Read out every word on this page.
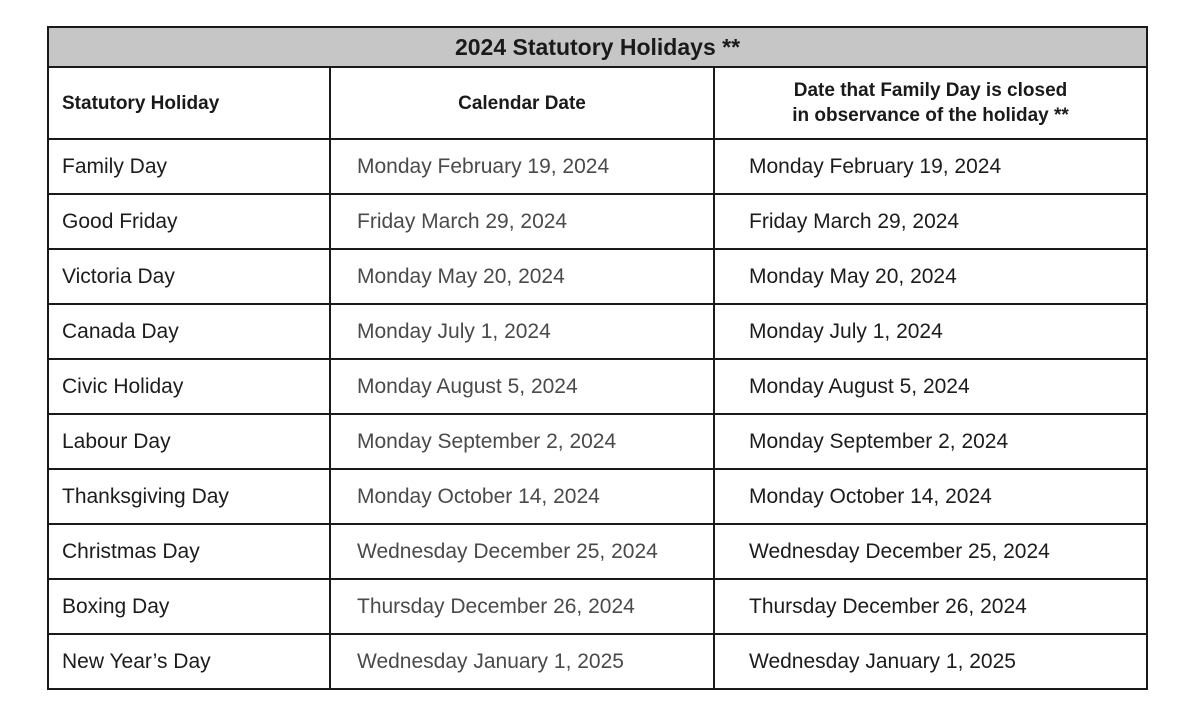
2024 Statutory Holidays **		
Statutory Holiday	Calendar Date	Date that Family Day is closed
in observance of the holiday **
Family Day	Monday February 19, 2024	Monday February 19, 2024
Good Friday	Friday March 29, 2024	Friday March 29, 2024
Victoria Day	Monday May 20, 2024	Monday May 20, 2024
Canada Day	Monday July 1, 2024	Monday July 1, 2024
Civic Holiday	Monday August 5, 2024	Monday August 5, 2024
Labour Day	Monday September 2, 2024	Monday September 2, 2024
Thanksgiving Day	Monday October 14, 2024	Monday October 14, 2024
Christmas Day	Wednesday December 25, 2024	Wednesday December 25, 2024
Boxing Day	Thursday December 26, 2024	Thursday December 26, 2024
New Year’s Day	Wednesday January 1, 2025	Wednesday January 1, 2025
